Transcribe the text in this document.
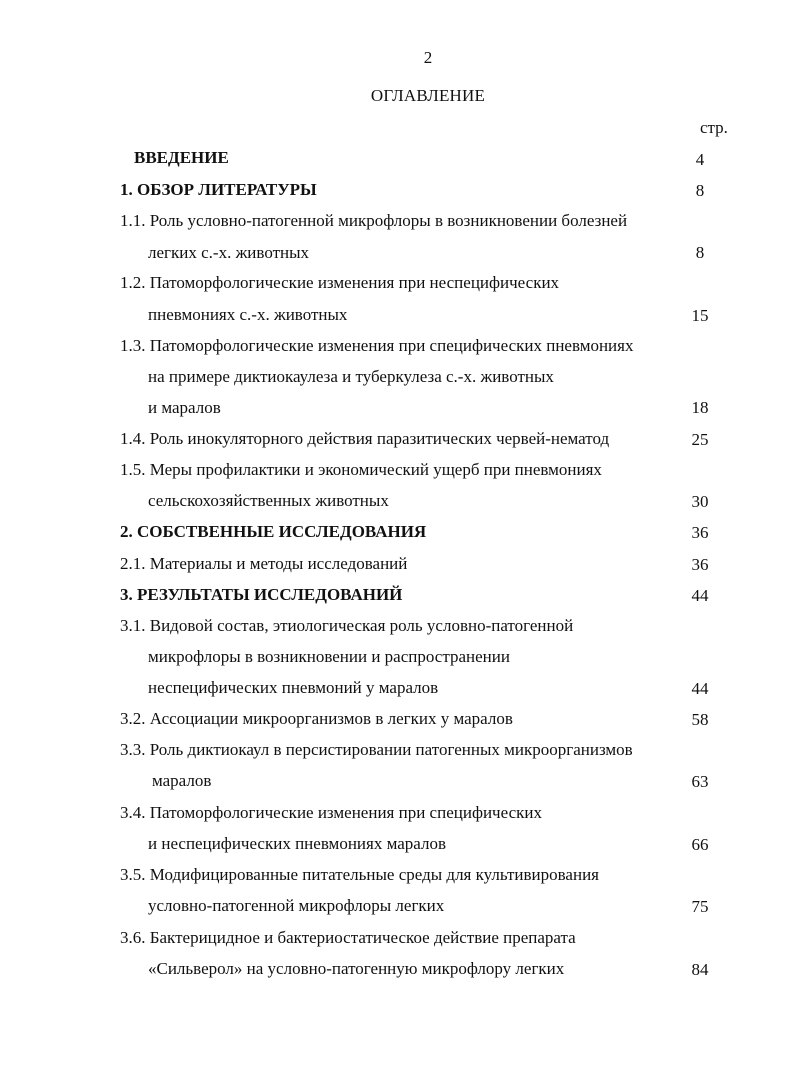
2
ОГЛАВЛЕНИЕ
стр.
ВВЕДЕНИЕ	4
1. ОБЗОР ЛИТЕРАТУРЫ	8
1.1. Роль условно-патогенной микрофлоры в возникновении болезней
легких с.-х. животных	8
1.2. Патоморфологические изменения при неспецифических
пневмониях с.-х. животных	15
1.3. Патоморфологические изменения при специфических пневмониях
на примере диктиокаулеза и туберкулеза с.-х. животных
и маралов	18
1.4. Роль инокуляторного действия паразитических червей-нематод	25
1.5. Меры профилактики и экономический ущерб при пневмониях
сельскохозяйственных животных	30
2. СОБСТВЕННЫЕ ИССЛЕДОВАНИЯ	36
2.1. Материалы и методы исследований	36
3. РЕЗУЛЬТАТЫ ИССЛЕДОВАНИЙ	44
3.1. Видовой состав, этиологическая роль условно-патогенной
микрофлоры в возникновении и распространении
неспецифических пневмоний у маралов	44
3.2. Ассоциации микроорганизмов в легких у маралов	58
3.3. Роль диктиокаул в персистировании патогенных микроорганизмов
маралов	63
3.4. Патоморфологические изменения при специфических
и неспецифических пневмониях маралов	66
3.5. Модифицированные питательные среды для культивирования
условно-патогенной микрофлоры легких	75
3.6. Бактерицидное и бактериостатическое действие препарата
«Сильверол» на условно-патогенную микрофлору легких	84
